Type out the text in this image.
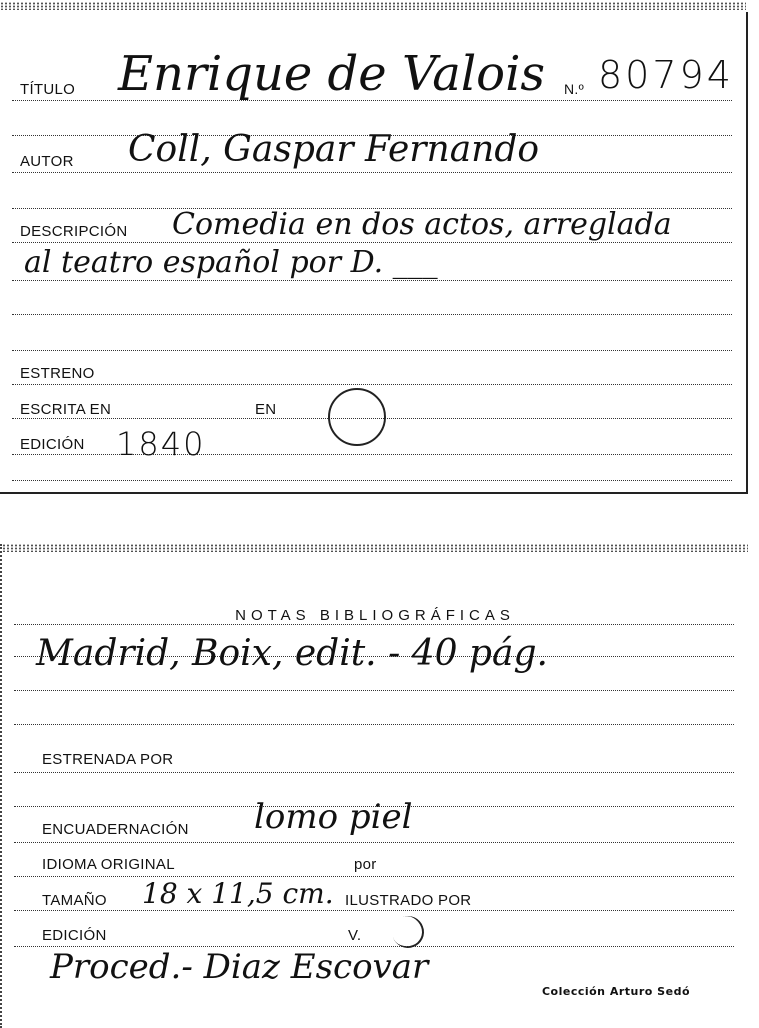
TÍTULO Enrique de Valois N.º 80794
AUTOR Coll, Gaspar Fernando
DESCRIPCIÓN Comedia en dos actos, arreglada
al teatro español por D. ___
ESTRENO
ESCRITA EN	EN
EDICIÓN 1840
NOTAS BIBLIOGRÁFICAS
Madrid, Boix, edit. - 40 pág.
ESTRENADA POR
ENCUADERNACIÓN lomo piel
IDIOMA ORIGINAL	por
TAMAÑO 18 x 11,5 cm. ILUSTRADO POR
EDICIÓN	V.
Proced.- Diaz Escovar
Colección Arturo Sedó
